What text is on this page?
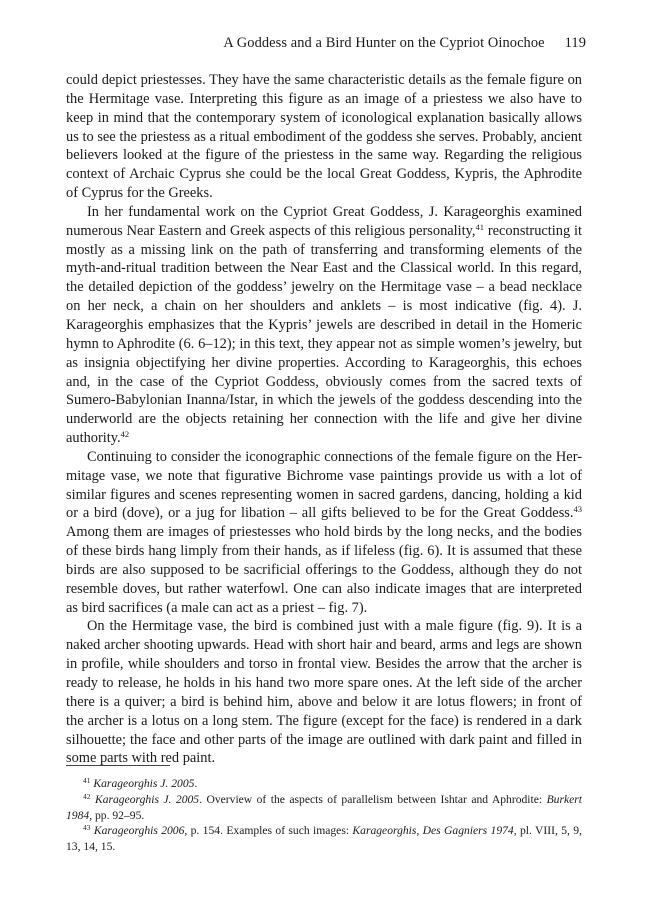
A Goddess and a Bird Hunter on the Cypriot Oinochoe 119

could depict priestesses. They have the same characteristic details as the female figure on the Hermitage vase. Interpreting this figure as an image of a priestess we also have to keep in mind that the contemporary system of iconological explanation basically allows us to see the priestess as a ritual embodiment of the goddess she serves. Probably, ancient believers looked at the figure of the priestess in the same way. Regarding the religious context of Archaic Cyprus she could be the local Great Goddess, Kypris, the Aphrodite of Cyprus for the Greeks.

In her fundamental work on the Cypriot Great Goddess, J. Karageorghis examined numerous Near Eastern and Greek aspects of this religious personality,$^{41}$ reconstructing it mostly as a missing link on the path of transferring and transforming elements of the myth-and-ritual tradition between the Near East and the Classical world. In this regard, the detailed depiction of the goddess’ jewelry on the Hermitage vase – a bead necklace on her neck, a chain on her shoulders and anklets – is most indicative (fig. 4). J. Karageorghis emphasizes that the Kypris’ jewels are described in detail in the Homeric hymn to Aphrodite (6. 6–12); in this text, they appear not as simple women’s jewelry, but as insignia objectifying her divine properties. According to Karageorghis, this echoes and, in the case of the Cypriot Goddess, obviously comes from the sacred texts of Sumero-Babylonian Inanna/Istar, in which the jewels of the goddess descending into the underworld are the objects retaining her connection with the life and give her divine authority.$^{42}$

Continuing to consider the iconographic connections of the female figure on the Her-mitage vase, we note that figurative Bichrome vase paintings provide us with a lot of similar figures and scenes representing women in sacred gardens, dancing, holding a kid or a bird (dove), or a jug for libation – all gifts believed to be for the Great Goddess.$^{43}$ Among them are images of priestesses who hold birds by the long necks, and the bodies of these birds hang limply from their hands, as if lifeless (fig. 6). It is assumed that these birds are also supposed to be sacrificial offerings to the Goddess, although they do not resemble doves, but rather waterfowl. One can also indicate images that are interpreted as bird sacrifices (a male can act as a priest – fig. 7).

On the Hermitage vase, the bird is combined just with a male figure (fig. 9). It is a naked archer shooting upwards. Head with short hair and beard, arms and legs are shown in profile, while shoulders and torso in frontal view. Besides the arrow that the archer is ready to release, he holds in his hand two more spare ones. At the left side of the archer there is a quiver; a bird is behind him, above and below it are lotus flowers; in front of the archer is a lotus on a long stem. The figure (except for the face) is rendered in a dark silhouette; the face and other parts of the image are outlined with dark paint and filled in some parts with red paint.

$^{41}$ Karageorghis J. 2005.

$^{42}$ Karageorghis J. 2005. Overview of the aspects of parallelism between Ishtar and Aphrodite: Burkert 1984, pp. 92–95.

$^{43}$ Karageorghis 2006, p. 154. Examples of such images: Karageorghis, Des Gagniers 1974, pl. VIII, 5, 9, 13, 14, 15.
